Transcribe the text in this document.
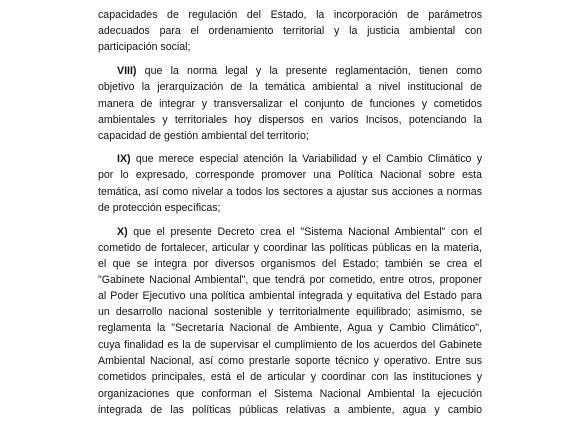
capacidades de regulación del Estado, la incorporación de parámetros
adecuados para el ordenamiento territorial y la justicia ambiental con
participación social;
VIII) que la norma legal y la presente reglamentación, tienen como
objetivo la jerarquización de la temática ambiental a nivel institucional de
manera de integrar y transversalizar el conjunto de funciones y cometidos
ambientales y territoriales hoy dispersos en varios Incisos, potenciando la
capacidad de gestión ambiental del territorio;
IX) que merece especial atención la Variabilidad y el Cambio Climático y
por lo expresado, corresponde promover una Política Nacional sobre esta
temática, así como nivelar a todos los sectores a ajustar sus acciones a normas
de protección específicas;
X) que el presente Decreto crea el "Sistema Nacional Ambiental" con el
cometido de fortalecer, articular y coordinar las políticas públicas en la materia,
el que se integra por diversos organismos del Estado; también se crea el
"Gabinete Nacional Ambiental", que tendrá por cometido, entre otros, proponer
al Poder Ejecutivo una política ambiental integrada y equitativa del Estado para
un desarrollo nacional sostenible y territorialmente equilibrado; asimismo, se
reglamenta la "Secretaría Nacional de Ambiente, Agua y Cambio Climático",
cuya finalidad es la de supervisar el cumplimiento de los acuerdos del Gabinete
Ambiental Nacional, así como prestarle soporte técnico y operativo. Entre sus
cometidos principales, está el de articular y coordinar con las instituciones y
organizaciones que conforman el Sistema Nacional Ambiental la ejecución
integrada de las políticas públicas relativas a ambiente, agua y cambio
